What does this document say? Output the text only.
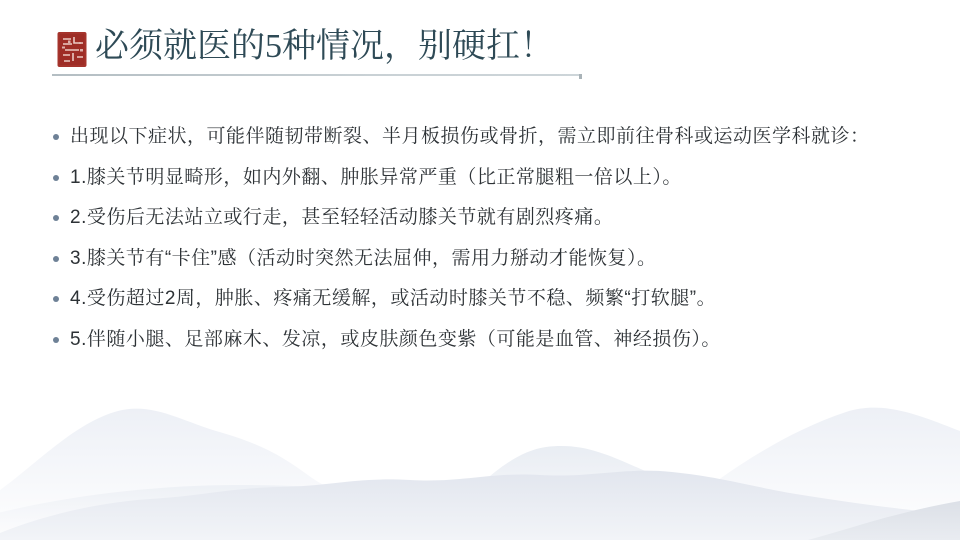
必须就医的5种情况，别硬扛！
出现以下症状，可能伴随韧带断裂、半月板损伤或骨折，需立即前往骨科或运动医学科就诊：
1.膝关节明显畸形，如内外翻、肿胀异常严重（比正常腿粗一倍以上）。
2.受伤后无法站立或行走，甚至轻轻活动膝关节就有剧烈疼痛。
3.膝关节有“卡住”感（活动时突然无法屈伸，需用力掰动才能恢复）。
4.受伤超过2周，肿胀、疼痛无缓解，或活动时膝关节不稳、频繁“打软腿”。
5.伴随小腿、足部麻木、发凉，或皮肤颜色变紫（可能是血管、神经损伤）。
